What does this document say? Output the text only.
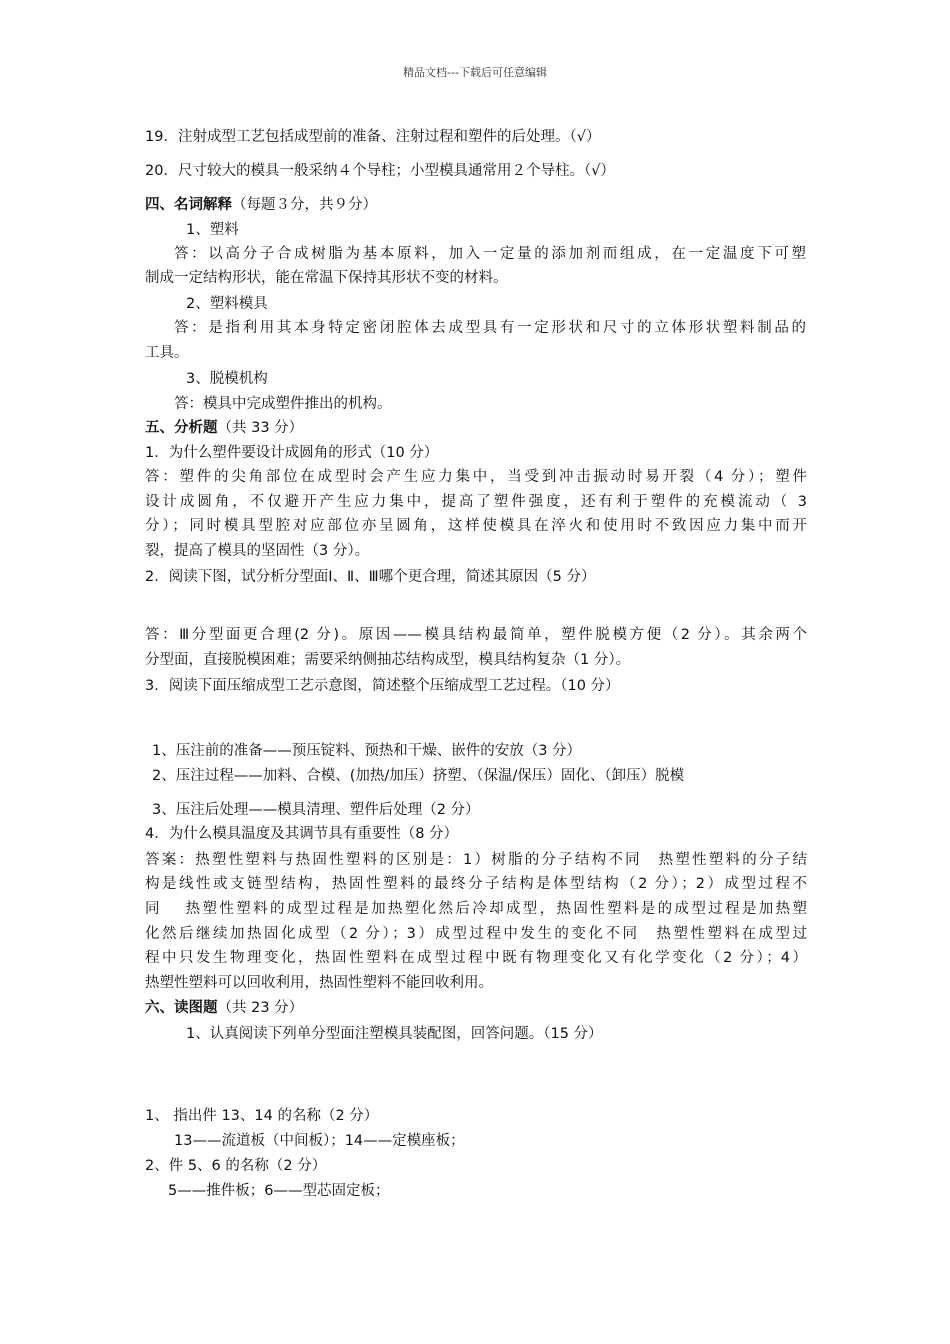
精品文档---下载后可任意编辑
19．注射成型工艺包括成型前的准备、注射过程和塑件的后处理。（√）
20．尺寸较大的模具一般采纳４个导柱；小型模具通常用２个导柱。（√）
四、名词解释（每题３分，共９分）
1、塑料
答：以高分子合成树脂为基本原料，加入一定量的添加剂而组成，在一定温度下可塑
制成一定结构形状，能在常温下保持其形状不变的材料。
2、塑料模具
答：是指利用其本身特定密闭腔体去成型具有一定形状和尺寸的立体形状塑料制品的
工具。
3、脱模机构
答：模具中完成塑件推出的机构。
五、分析题（共 33 分）
1．为什么塑件要设计成圆角的形式（10 分）
答：塑件的尖角部位在成型时会产生应力集中，当受到冲击振动时易开裂（4 分）；塑件
设计成圆角，不仅避开产生应力集中，提高了塑件强度，还有利于塑件的充模流动（ 3
分）；同时模具型腔对应部位亦呈圆角，这样使模具在淬火和使用时不致因应力集中而开
裂，提高了模具的坚固性（3 分）。
2．阅读下图，试分析分型面Ⅰ、Ⅱ、Ⅲ哪个更合理，简述其原因（5 分）
答：Ⅲ分型面更合理(2 分)。原因——模具结构最简单，塑件脱模方便（2 分）。其余两个
分型面，直接脱模困难；需要采纳侧抽芯结构成型，模具结构复杂（1 分）。
3．阅读下面压缩成型工艺示意图，简述整个压缩成型工艺过程。（10 分）
1、压注前的准备——预压锭料、预热和干燥、嵌件的安放（3 分）
2、压注过程——加料、合模、(加热/加压）挤塑、（保温/保压）固化、（卸压）脱模
3、压注后处理——模具清理、塑件后处理（2 分）
4．为什么模具温度及其调节具有重要性（8 分）
答案：热塑性塑料与热固性塑料的区别是：1）树脂的分子结构不同　热塑性塑料的分子结
构是线性或支链型结构，热固性塑料的最终分子结构是体型结构（2 分）；2）成型过程不
同　 热塑性塑料的成型过程是加热塑化然后冷却成型，热固性塑料是的成型过程是加热塑
化然后继续加热固化成型（2 分）；3）成型过程中发生的变化不同　热塑性塑料在成型过
程中只发生物理变化，热固性塑料在成型过程中既有物理变化又有化学变化（2 分）；4）
热塑性塑料可以回收利用，热固性塑料不能回收利用。
六、读图题（共 23 分）
1、认真阅读下列单分型面注塑模具装配图，回答问题。（15 分）
1、 指出件 13、14 的名称（2 分）
13——流道板（中间板）；14——定模座板；
2、件 5、6 的名称（2 分）
5——推件板；6——型芯固定板；
